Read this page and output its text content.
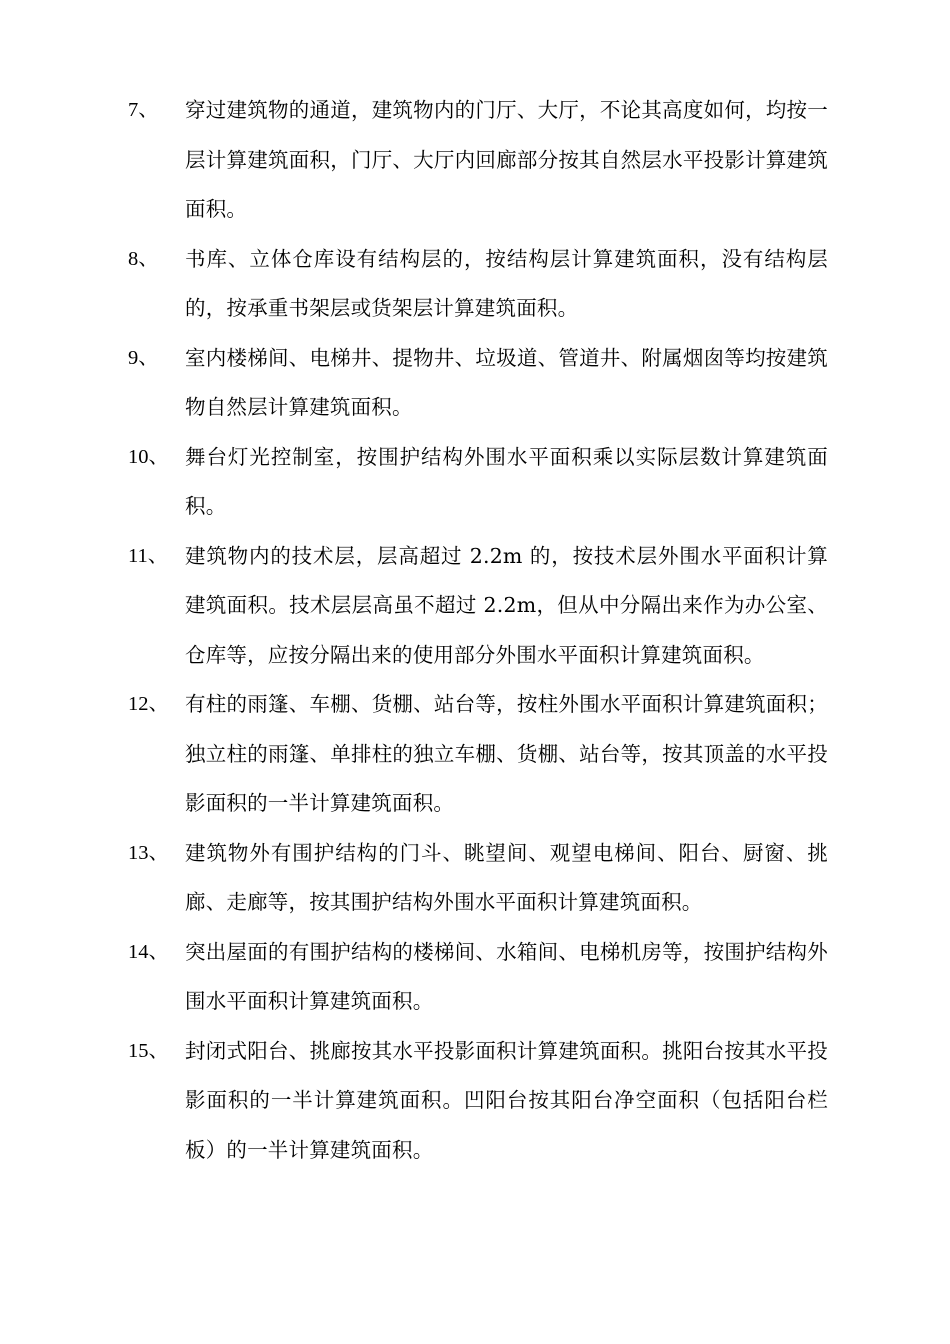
7、 穿过建筑物的通道，建筑物内的门厅、大厅，不论其高度如何，均按一层计算建筑面积，门厅、大厅内回廊部分按其自然层水平投影计算建筑面积。
8、 书库、立体仓库设有结构层的，按结构层计算建筑面积，没有结构层的，按承重书架层或货架层计算建筑面积。
9、 室内楼梯间、电梯井、提物井、垃圾道、管道井、附属烟囱等均按建筑物自然层计算建筑面积。
10、 舞台灯光控制室，按围护结构外围水平面积乘以实际层数计算建筑面积。
11、 建筑物内的技术层，层高超过 2.2m 的，按技术层外围水平面积计算建筑面积。技术层层高虽不超过 2.2m，但从中分隔出来作为办公室、仓库等，应按分隔出来的使用部分外围水平面积计算建筑面积。
12、 有柱的雨篷、车棚、货棚、站台等，按柱外围水平面积计算建筑面积；独立柱的雨篷、单排柱的独立车棚、货棚、站台等，按其顶盖的水平投影面积的一半计算建筑面积。
13、 建筑物外有围护结构的门斗、眺望间、观望电梯间、阳台、厨窗、挑廊、走廊等，按其围护结构外围水平面积计算建筑面积。
14、 突出屋面的有围护结构的楼梯间、水箱间、电梯机房等，按围护结构外围水平面积计算建筑面积。
15、 封闭式阳台、挑廊按其水平投影面积计算建筑面积。挑阳台按其水平投影面积的一半计算建筑面积。凹阳台按其阳台净空面积（包括阳台栏板）的一半计算建筑面积。
